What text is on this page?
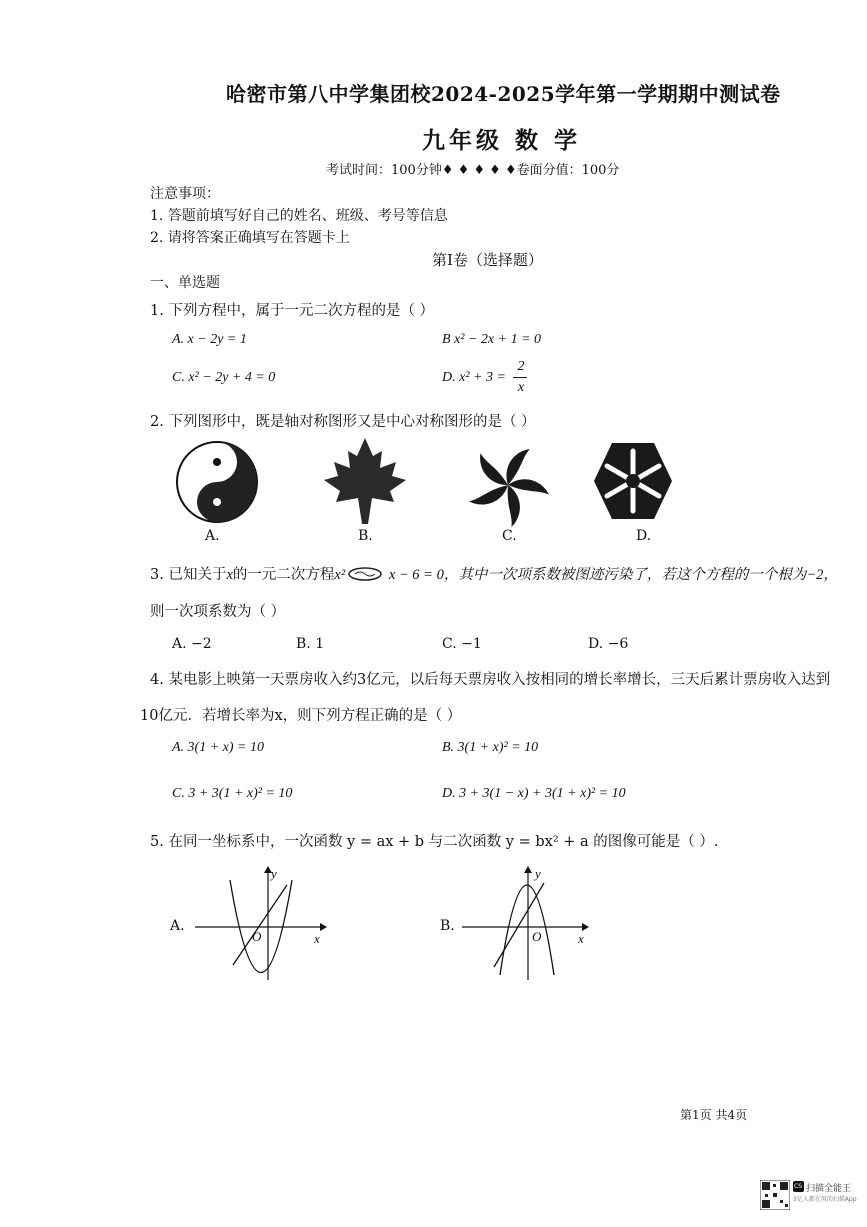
哈密市第八中学集团校2024-2025学年第一学期期中测试卷
九年级 数 学
考试时间：100分钟♦ ♦ ♦ ♦ ♦卷面分值：100分
注意事项：
1. 答题前填写好自己的姓名、班级、考号等信息
2. 请将答案正确填写在答题卡上
第Ⅰ卷（选择题）
一、单选题
1. 下列方程中，属于一元二次方程的是（ ）
A. x − 2y = 1	B x² − 2x + 1 = 0
C. x² − 2y + 4 = 0	D. x² + 3 =
2
x
2. 下列图形中，既是轴对称图形又是中心对称图形的是（ ）
A.	B.	C.	D.
3. 已知关于x的一元二次方程x²	x − 6 = 0，其中一次项系数被图迹污染了，若这个方程的一个根为−2，
则一次项系数为（ ）
A. −2	B. 1	C. −1	D. −6
4. 某电影上映第一天票房收入约3亿元，以后每天票房收入按相同的增长率增长，三天后累计票房收入达到
10亿元．若增长率为x，则下列方程正确的是（ ）
A. 3(1 + x) = 10	B. 3(1 + x)² = 10
C. 3 + 3(1 + x)² = 10	D. 3 + 3(1 − x) + 3(1 + x)² = 10
5. 在同一坐标系中，一次函数 y = ax + b 与二次函数 y = bx² + a 的图像可能是（ ）.
A.
O	x
y
B.
O	x
y
第1页 共4页
CS扫描全能王
3亿人都在用的扫描App
